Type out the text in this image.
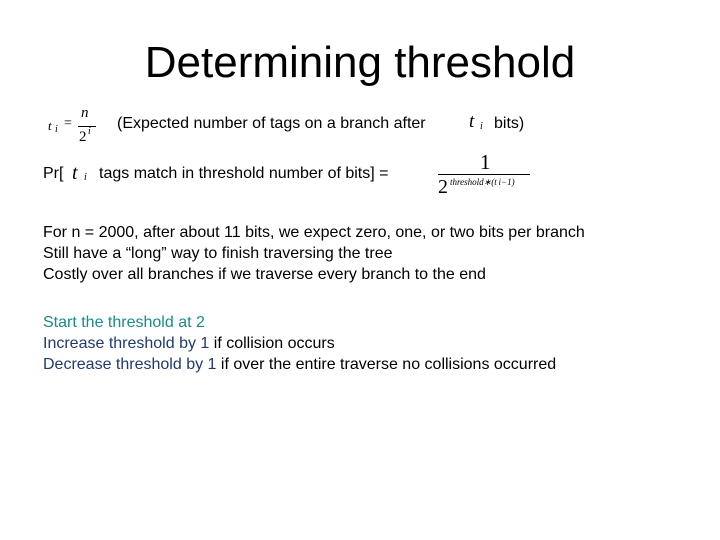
Determining threshold
t i =
n
2 i (Expected number of tags on a branch after t i bits)
Pr[ t i tags match in threshold number of bits] =	1
2 threshold∗(t i−1)
For n = 2000, after about 11 bits, we expect zero, one, or two bits per branch
Still have a “long” way to finish traversing the tree
Costly over all branches if we traverse every branch to the end
Start the threshold at 2
Increase threshold by 1 if collision occurs
Decrease threshold by 1 if over the entire traverse no collisions occurred
